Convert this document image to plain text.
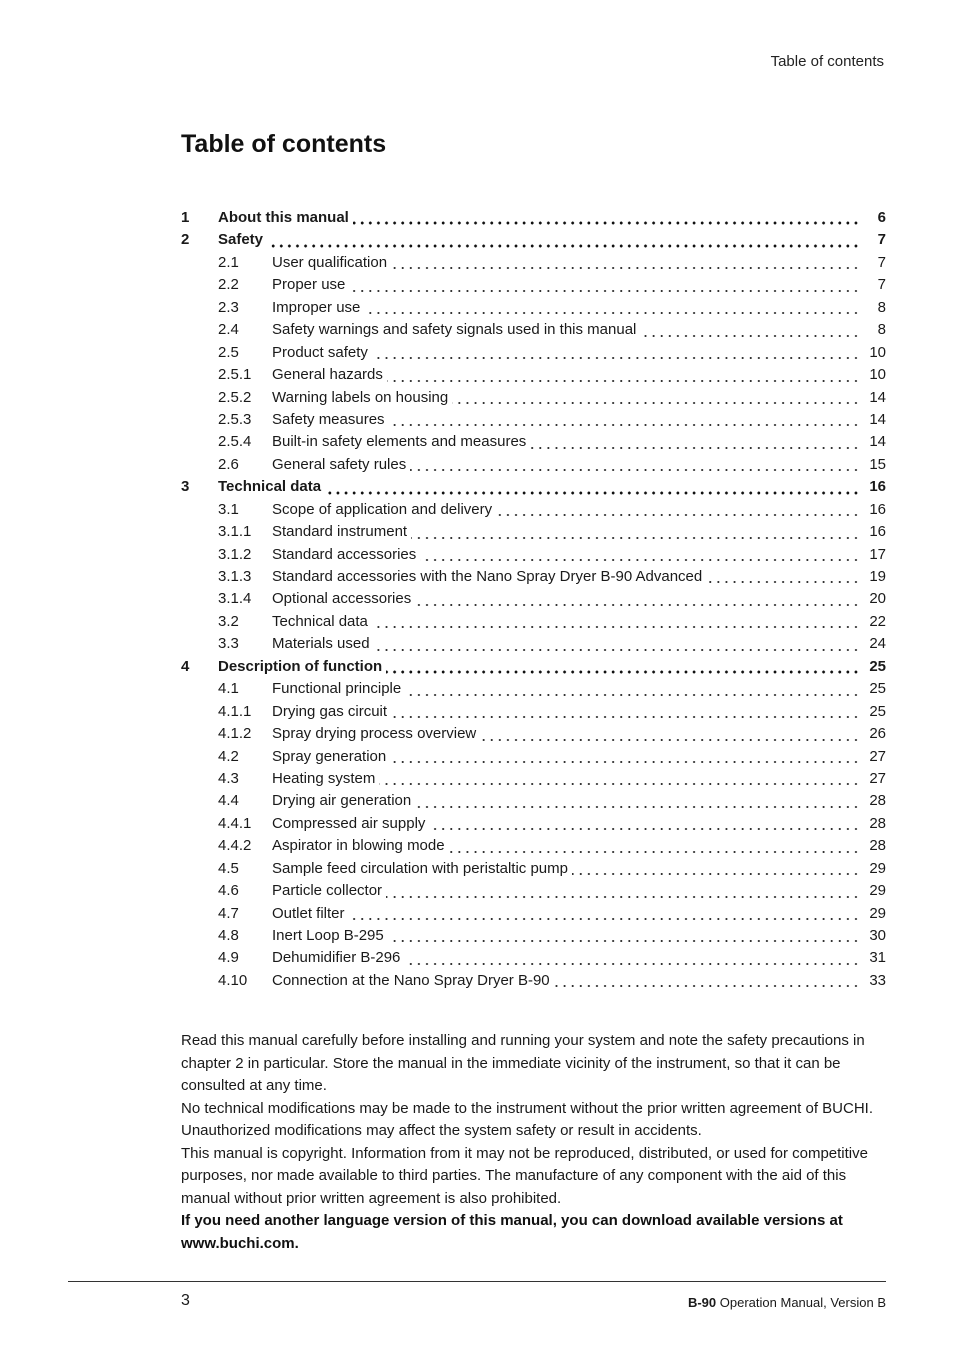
Table of contents
Table of contents
1 About this manual	6
2 Safety	7
2.1 User qualification	7
2.2 Proper use	7
2.3 Improper use	8
2.4 Safety warnings and safety signals used in this manual	8
2.5 Product safety	10
2.5.1 General hazards	10
2.5.2 Warning labels on housing	14
2.5.3 Safety measures	14
2.5.4 Built-in safety elements and measures	14
2.6 General safety rules	15
3 Technical data	16
3.1 Scope of application and delivery	16
3.1.1 Standard instrument	16
3.1.2 Standard accessories	17
3.1.3 Standard accessories with the Nano Spray Dryer B-90 Advanced	19
3.1.4 Optional accessories	20
3.2 Technical data	22
3.3 Materials used	24
4 Description of function	25
4.1 Functional principle	25
4.1.1 Drying gas circuit	25
4.1.2 Spray drying process overview	26
4.2 Spray generation	27
4.3 Heating system	27
4.4 Drying air generation	28
4.4.1 Compressed air supply	28
4.4.2 Aspirator in blowing mode	28
4.5 Sample feed circulation with peristaltic pump	29
4.6 Particle collector	29
4.7 Outlet filter	29
4.8 Inert Loop B-295	30
4.9 Dehumidifier B-296	31
4.10 Connection at the Nano Spray Dryer B-90	33

Read this manual carefully before installing and running your system and note the safety precautions in chapter 2 in particular. Store the manual in the immediate vicinity of the instrument, so that it can be consulted at any time.

No technical modifications may be made to the instrument without the prior written agreement of BUCHI. Unauthorized modifications may affect the system safety or result in accidents.

This manual is copyright. Information from it may not be reproduced, distributed, or used for competitive purposes, nor made available to third parties. The manufacture of any component with the aid of this manual without prior written agreement is also prohibited.

If you need another language version of this manual, you can download available versions at www.buchi.com.

3	B-90 Operation Manual, Version B
